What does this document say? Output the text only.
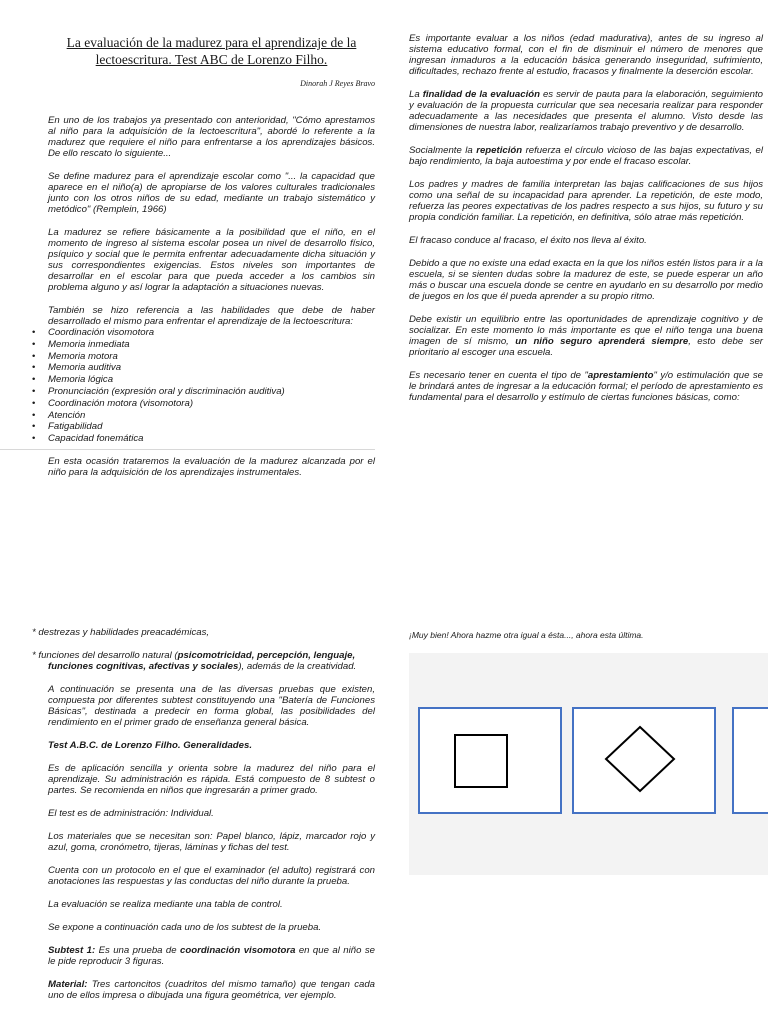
La evaluación de la madurez para el aprendizaje de la lectoescritura. Test ABC de Lorenzo Filho.
Dinorah J Reyes Bravo

En uno de los trabajos ya presentado con anterioridad, "Cómo aprestamos al niño para la adquisición de la lectoescritura", abordé lo referente a la madurez que requiere el niño para enfrentarse a los aprendizajes básicos. De ello rescato lo siguiente...

Se define madurez para el aprendizaje escolar como "... la capacidad que aparece en el niño(a) de apropiarse de los valores culturales tradicionales junto con los otros niños de su edad, mediante un trabajo sistemático y metódico" (Remplein, 1966)

La madurez se refiere básicamente a la posibilidad que el niño, en el momento de ingreso al sistema escolar posea un nivel de desarrollo físico, psíquico y social que le permita enfrentar adecuadamente dicha situación y sus correspondientes exigencias. Estos niveles son importantes de desarrollar en el escolar para que pueda acceder a los cambios sin problema alguno y así lograr la adaptación a situaciones nuevas.

También se hizo referencia a las habilidades que debe de haber desarrollado el mismo para enfrentar el aprendizaje de la lectoescritura:

• Coordinación visomotora
• Memoria inmediata
• Memoria motora
• Memoria auditiva
• Memoria lógica
• Pronunciación (expresión oral y discriminación auditiva)
• Coordinación motora (visomotora)
• Atención
• Fatigabilidad
• Capacidad fonemática

En esta ocasión trataremos la evaluación de la madurez alcanzada por el niño para la adquisición de los aprendizajes instrumentales.

Es importante evaluar a los niños (edad madurativa), antes de su ingreso al sistema educativo formal, con el fin de disminuir el número de menores que ingresan inmaduros a la educación básica generando inseguridad, sufrimiento, dificultades, rechazo frente al estudio, fracasos y finalmente la deserción escolar.

La finalidad de la evaluación es servir de pauta para la elaboración, seguimiento y evaluación de la propuesta curricular que sea necesaria realizar para responder adecuadamente a las necesidades que presenta el alumno. Visto desde las dimensiones de nuestra labor, realizaríamos trabajo preventivo y de desarrollo.

Socialmente la repetición refuerza el círculo vicioso de las bajas expectativas, el bajo rendimiento, la baja autoestima y por ende el fracaso escolar.

Los padres y madres de familia interpretan las bajas calificaciones de sus hijos como una señal de su incapacidad para aprender. La repetición, de este modo, refuerza las peores expectativas de los padres respecto a sus hijos, su futuro y su propia condición familiar. La repetición, en definitiva, sólo atrae más repetición.

El fracaso conduce al fracaso, el éxito nos lleva al éxito.

Debido a que no existe una edad exacta en la que los niños estén listos para ir a la escuela, si se sienten dudas sobre la madurez de este, se puede esperar un año más o buscar una escuela donde se centre en ayudarlo en su desarrollo por medio de juegos en los que él pueda aprender a su propio ritmo.

Debe existir un equilibrio entre las oportunidades de aprendizaje cognitivo y de socializar. En este momento lo más importante es que el niño tenga una buena imagen de sí mismo, un niño seguro aprenderá siempre, esto debe ser prioritario al escoger una escuela.

Es necesario tener en cuenta el tipo de "aprestamiento" y/o estimulación que se le brindará antes de ingresar a la educación formal; el período de aprestamiento es fundamental para el desarrollo y estímulo de ciertas funciones básicas, como:

* destrezas y habilidades preacadémicas,

* funciones del desarrollo natural (psicomotricidad, percepción, lenguaje, funciones cognitivas, afectivas y sociales), además de la creatividad.

A continuación se presenta una de las diversas pruebas que existen, compuesta por diferentes subtest constituyendo una "Batería de Funciones Básicas", destinada a predecir en forma global, las posibilidades del rendimiento en el primer grado de enseñanza general básica.

Test A.B.C. de Lorenzo Filho. Generalidades.

Es de aplicación sencilla y orienta sobre la madurez del niño para el aprendizaje. Su administración es rápida. Está compuesto de 8 subtest o partes. Se recomienda en niños que ingresarán a primer grado.

El test es de administración: Individual.

Los materiales que se necesitan son: Papel blanco, lápiz, marcador rojo y azul, goma, cronómetro, tijeras, láminas y fichas del test.

Cuenta con un protocolo en el que el examinador (el adulto) registrará con anotaciones las respuestas y las conductas del niño durante la prueba.

La evaluación se realiza mediante una tabla de control.

Se expone a continuación cada uno de los subtest de la prueba.

Subtest 1: Es una prueba de coordinación visomotora en que al niño se le pide reproducir 3 figuras.

Material: Tres cartoncitos (cuadritos del mismo tamaño) que tengan cada uno de ellos impresa o dibujada una figura geométrica, ver ejemplo.

¡Muy bien! Ahora hazme otra igual a ésta..., ahora esta última.
